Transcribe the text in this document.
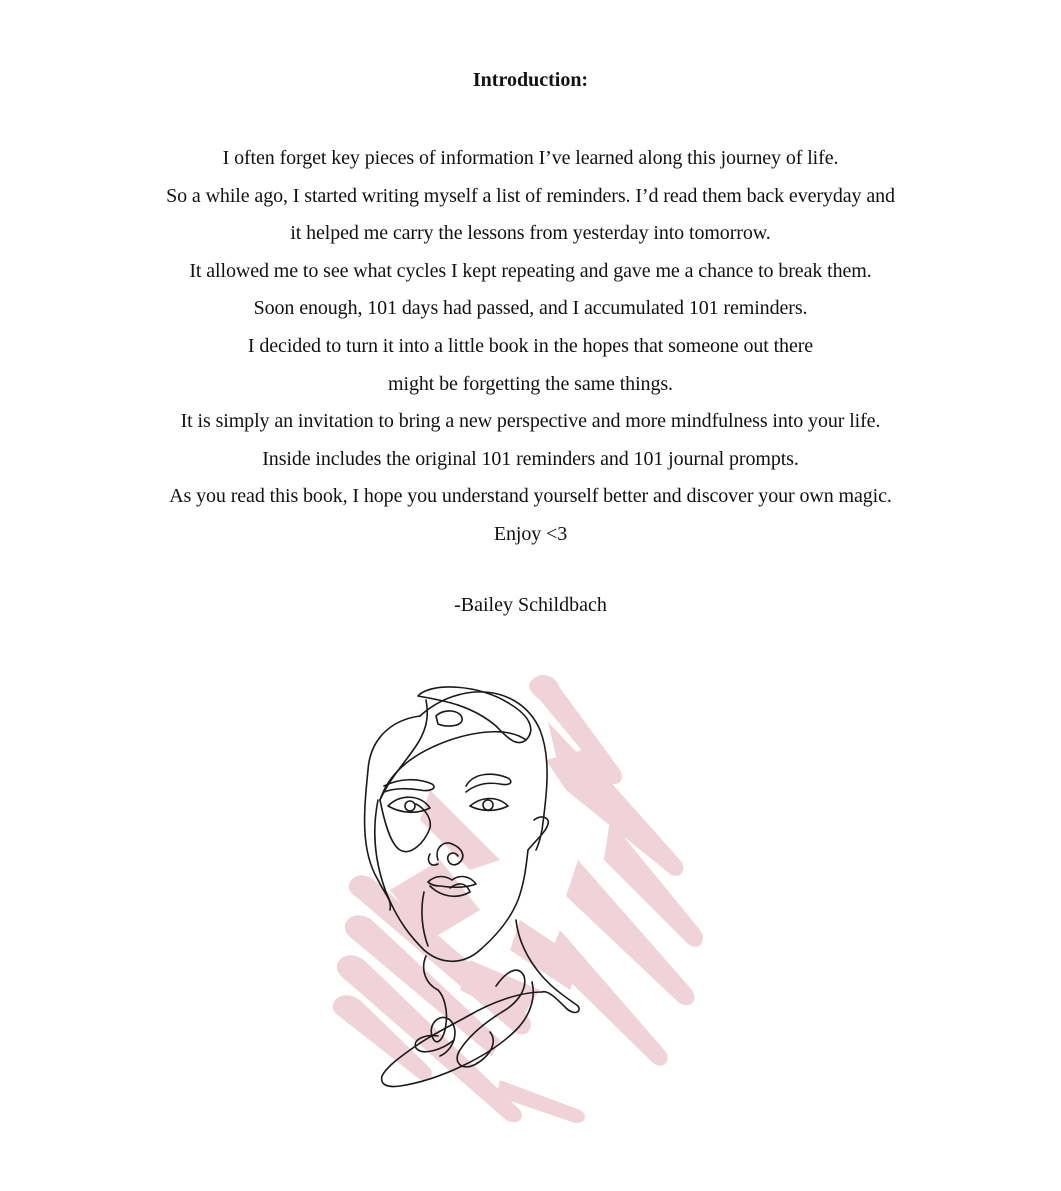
Introduction:
I often forget key pieces of information I’ve learned along this journey of life.
So a while ago, I started writing myself a list of reminders. I’d read them back everyday and
it helped me carry the lessons from yesterday into tomorrow.
It allowed me to see what cycles I kept repeating and gave me a chance to break them.
Soon enough, 101 days had passed, and I accumulated 101 reminders.
I decided to turn it into a little book in the hopes that someone out there
might be forgetting the same things.
It is simply an invitation to bring a new perspective and more mindfulness into your life.
Inside includes the original 101 reminders and 101 journal prompts.
As you read this book, I hope you understand yourself better and discover your own magic.
Enjoy <3

-Bailey Schildbach
